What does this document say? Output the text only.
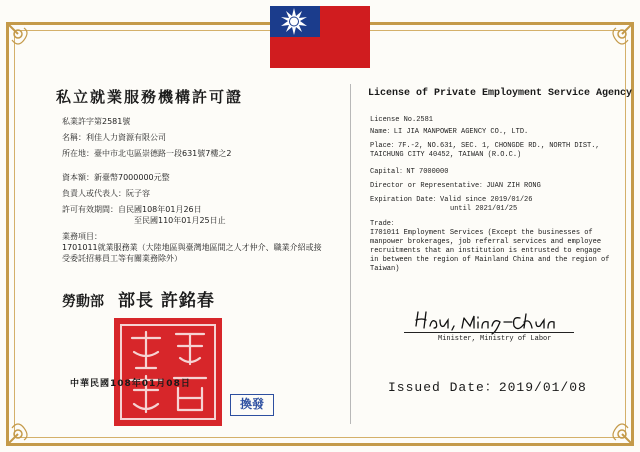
私立就業服務機構許可證	License of Private Employment Service Agency
私業許字第2581號
名稱：利佳人力資源有限公司
所在地：臺中市北屯區崇德路一段631號7樓之2
資本額：新臺幣7000000元整
負責人或代表人：阮子容
許可有效期間：自民國108年01月26日
至民國110年01月25日止
業務項目：
1701011就業服務業（大陸地區與臺灣地區間之人才仲介、職業介紹或接受委託招募員工等有關業務除外）
License No.2581
Name：LI JIA MANPOWER AGENCY CO., LTD.
Place：7F.-2, NO.631, SEC. 1, CHONGDE RD., NORTH DIST., TAICHUNG CITY 40452, TAIWAN (R.O.C.)
Capital：NT 7000000
Director or Representative：JUAN ZIH RONG
Expiration Date：Valid since 2019/01/26
until 2021/01/25
Trade：
I701011 Employment Services (Except the businesses of manpower brokerages, job referral services and employee recruitments that an institution is entrusted to engage in between the region of Mainland China and the region of Taiwan)
勞動部 部長 許銘春
中華民國108年01月08日
換發
Minister, Ministry of Labor
Issued Date：2019/01/08
